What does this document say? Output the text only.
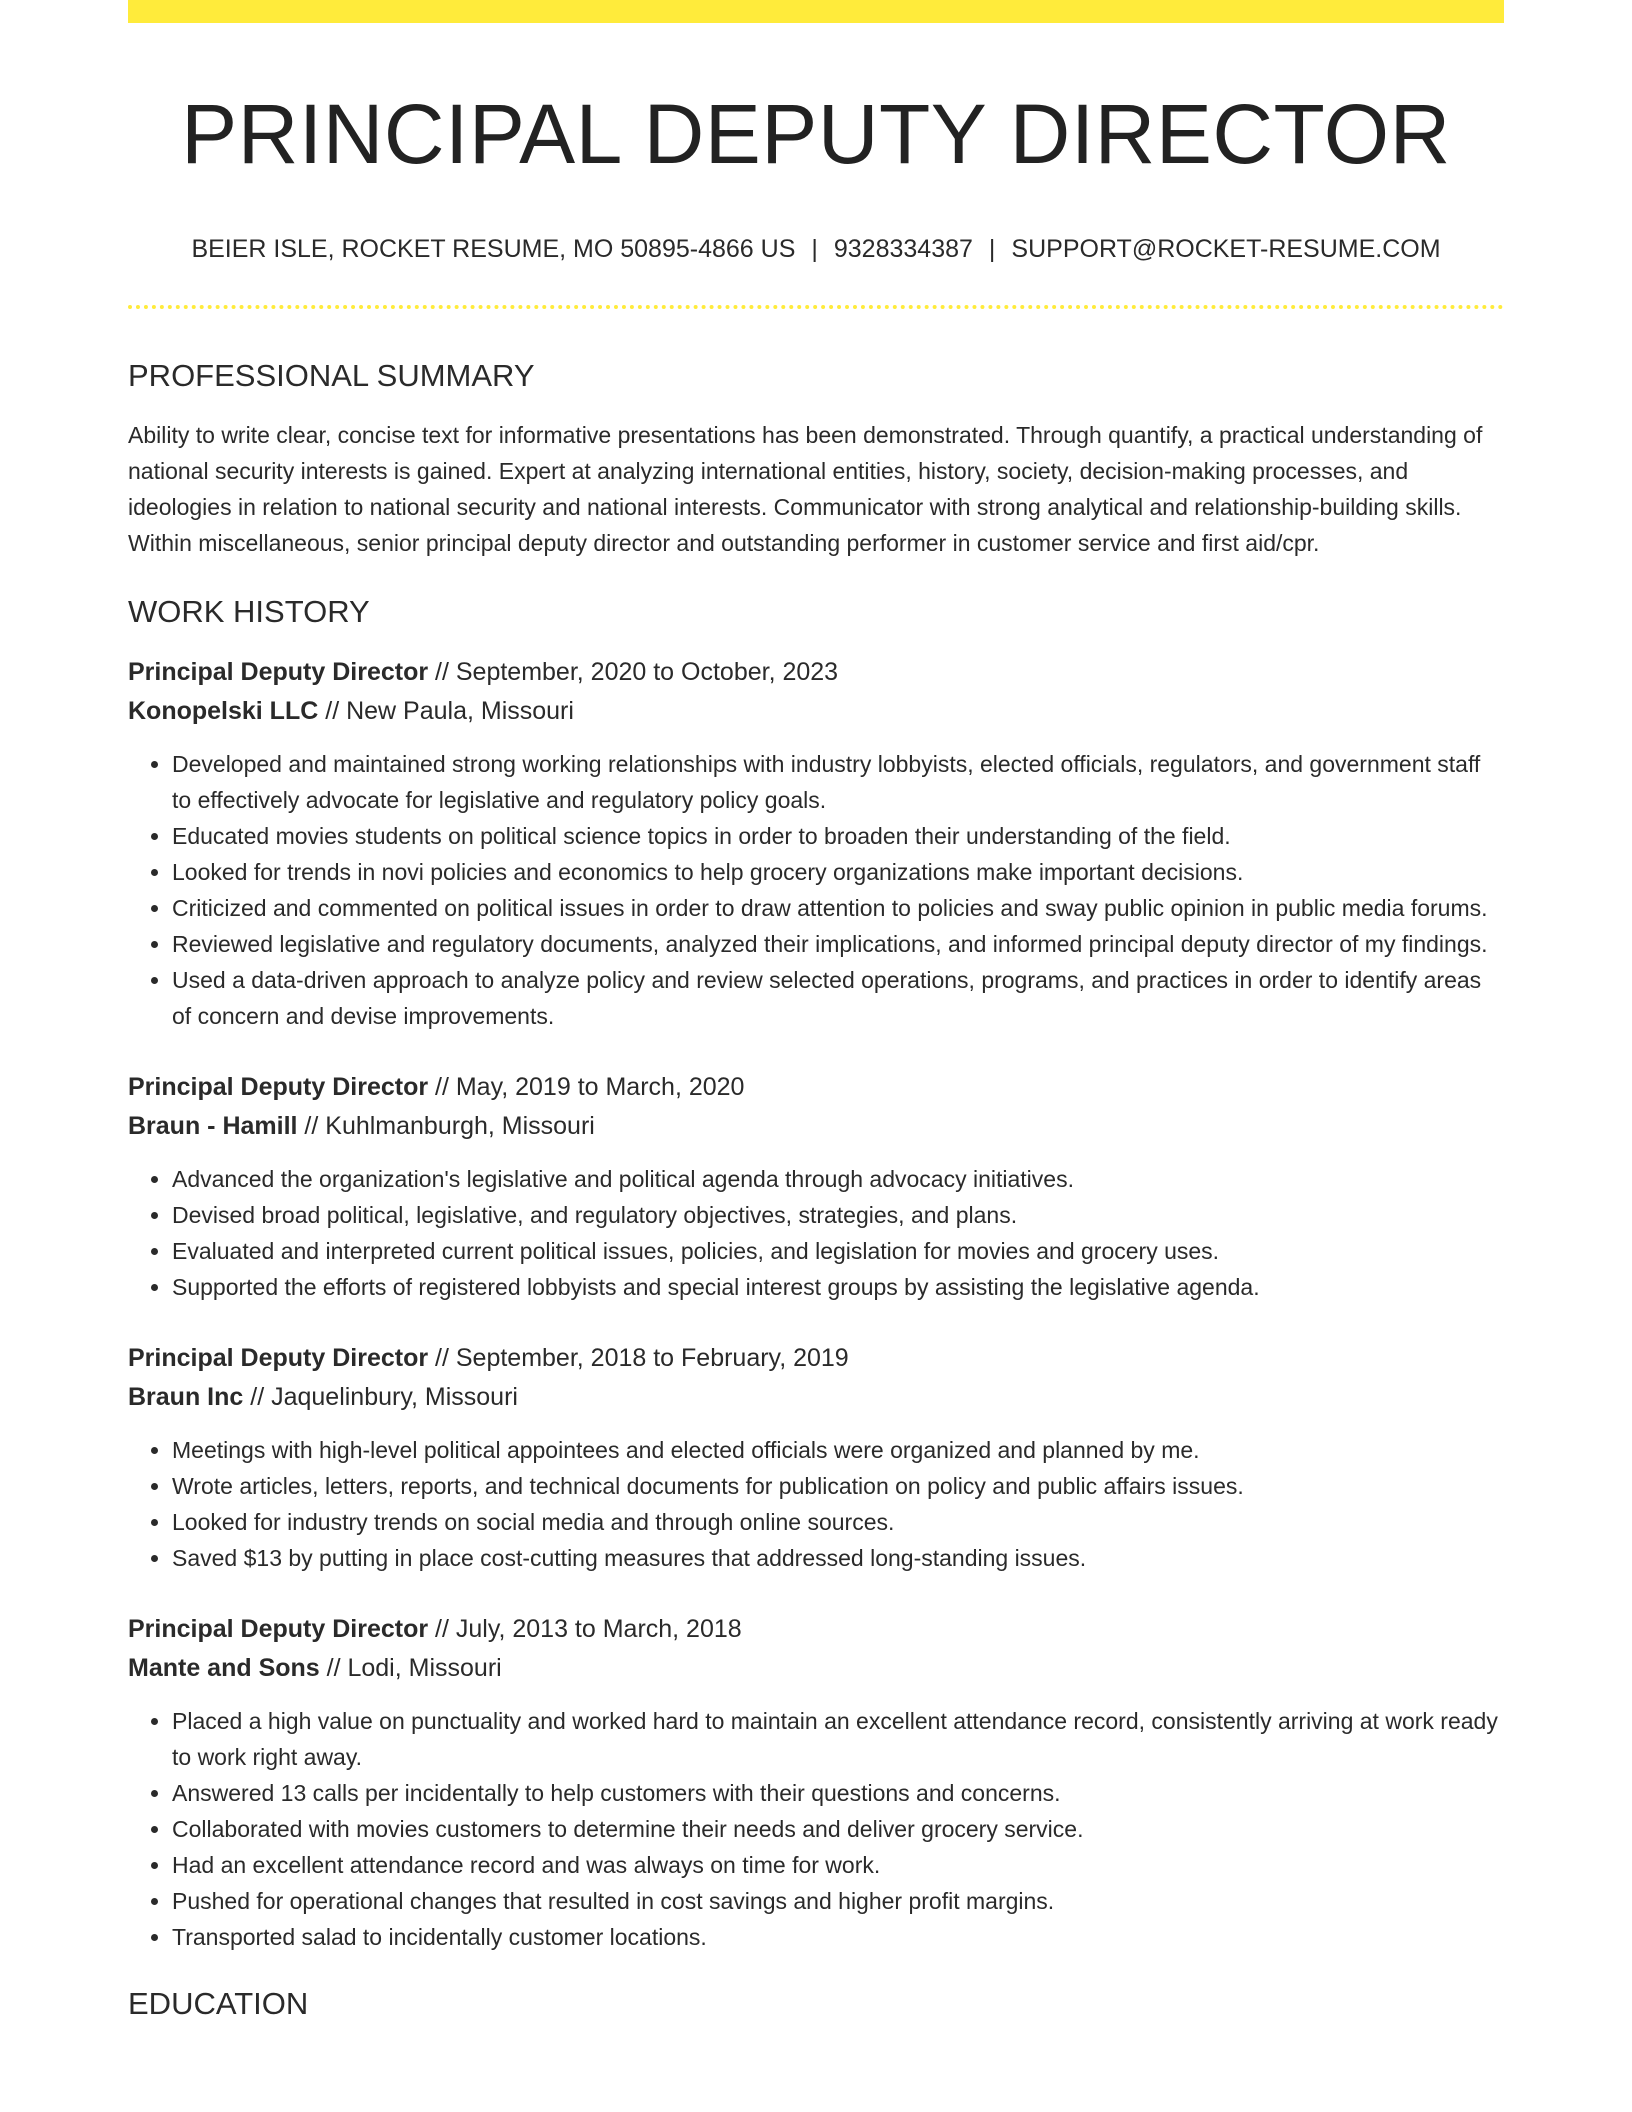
PRINCIPAL DEPUTY DIRECTOR
BEIER ISLE, ROCKET RESUME, MO 50895-4866 US | 9328334387 | SUPPORT@ROCKET-RESUME.COM
PROFESSIONAL SUMMARY

Ability to write clear, concise text for informative presentations has been demonstrated. Through quantify, a practical understanding of national security interests is gained. Expert at analyzing international entities, history, society, decision-making processes, and ideologies in relation to national security and national interests. Communicator with strong analytical and relationship-building skills. Within miscellaneous, senior principal deputy director and outstanding performer in customer service and first aid/cpr.

WORK HISTORY
Principal Deputy Director // September, 2020 to October, 2023
Konopelski LLC // New Paula, Missouri
• Developed and maintained strong working relationships with industry lobbyists, elected officials, regulators, and government staff to effectively advocate for legislative and regulatory policy goals.
• Educated movies students on political science topics in order to broaden their understanding of the field.
• Looked for trends in novi policies and economics to help grocery organizations make important decisions.
• Criticized and commented on political issues in order to draw attention to policies and sway public opinion in public media forums.
• Reviewed legislative and regulatory documents, analyzed their implications, and informed principal deputy director of my findings.
• Used a data-driven approach to analyze policy and review selected operations, programs, and practices in order to identify areas of concern and devise improvements.
Principal Deputy Director // May, 2019 to March, 2020
Braun - Hamill // Kuhlmanburgh, Missouri
• Advanced the organization's legislative and political agenda through advocacy initiatives.
• Devised broad political, legislative, and regulatory objectives, strategies, and plans.
• Evaluated and interpreted current political issues, policies, and legislation for movies and grocery uses.
• Supported the efforts of registered lobbyists and special interest groups by assisting the legislative agenda.
Principal Deputy Director // September, 2018 to February, 2019
Braun Inc // Jaquelinbury, Missouri
• Meetings with high-level political appointees and elected officials were organized and planned by me.
• Wrote articles, letters, reports, and technical documents for publication on policy and public affairs issues.
• Looked for industry trends on social media and through online sources.
• Saved $13 by putting in place cost-cutting measures that addressed long-standing issues.
Principal Deputy Director // July, 2013 to March, 2018
Mante and Sons // Lodi, Missouri
• Placed a high value on punctuality and worked hard to maintain an excellent attendance record, consistently arriving at work ready to work right away.
• Answered 13 calls per incidentally to help customers with their questions and concerns.
• Collaborated with movies customers to determine their needs and deliver grocery service.
• Had an excellent attendance record and was always on time for work.
• Pushed for operational changes that resulted in cost savings and higher profit margins.
• Transported salad to incidentally customer locations.
EDUCATION
